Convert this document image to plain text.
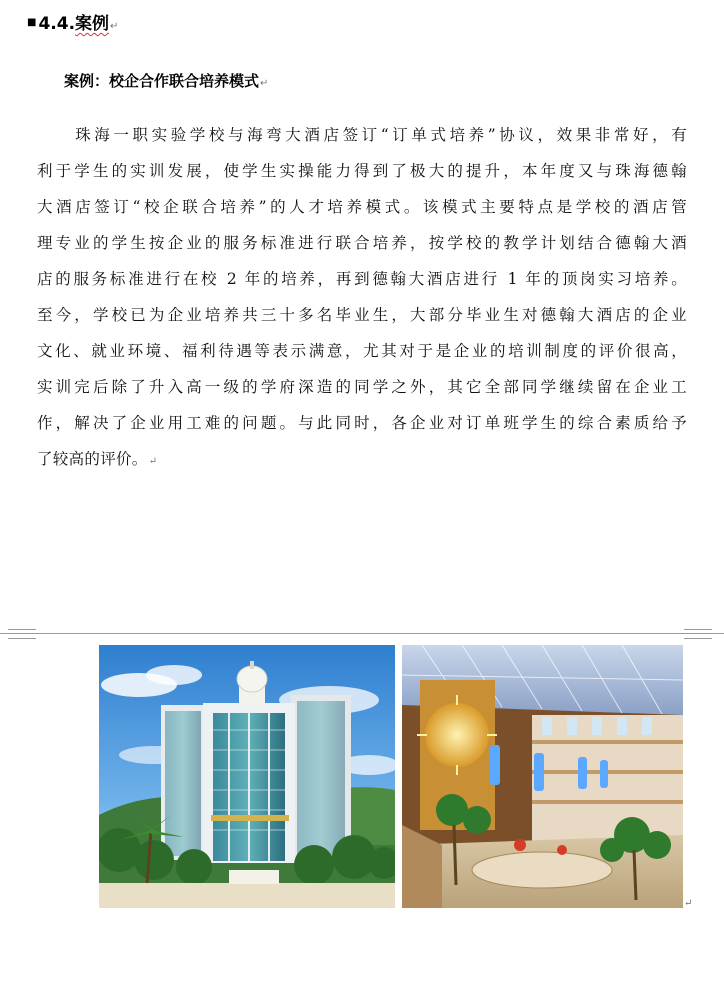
■ 4.4.案例↵
案例：校企合作联合培养模式↵
　　珠海一职实验学校与海弯大酒店签订“订单式培养”协议，效果非常好，有
利于学生的实训发展，使学生实操能力得到了极大的提升，本年度又与珠海德翰
大酒店签订“校企联合培养”的人才培养模式。该模式主要特点是学校的酒店管
理专业的学生按企业的服务标准进行联合培养，按学校的教学计划结合德翰大酒
店的服务标准进行在校 2 年的培养，再到德翰大酒店进行 1 年的顶岗实习培养。
至今，学校已为企业培养共三十多名毕业生，大部分毕业生对德翰大酒店的企业
文化、就业环境、福利待遇等表示满意，尤其对于是企业的培训制度的评价很高，
实训完后除了升入高一级的学府深造的同学之外，其它全部同学继续留在企业工
作，解决了企业用工难的问题。与此同时，各企业对订单班学生的综合素质给予
了较高的评价。↵
↵
